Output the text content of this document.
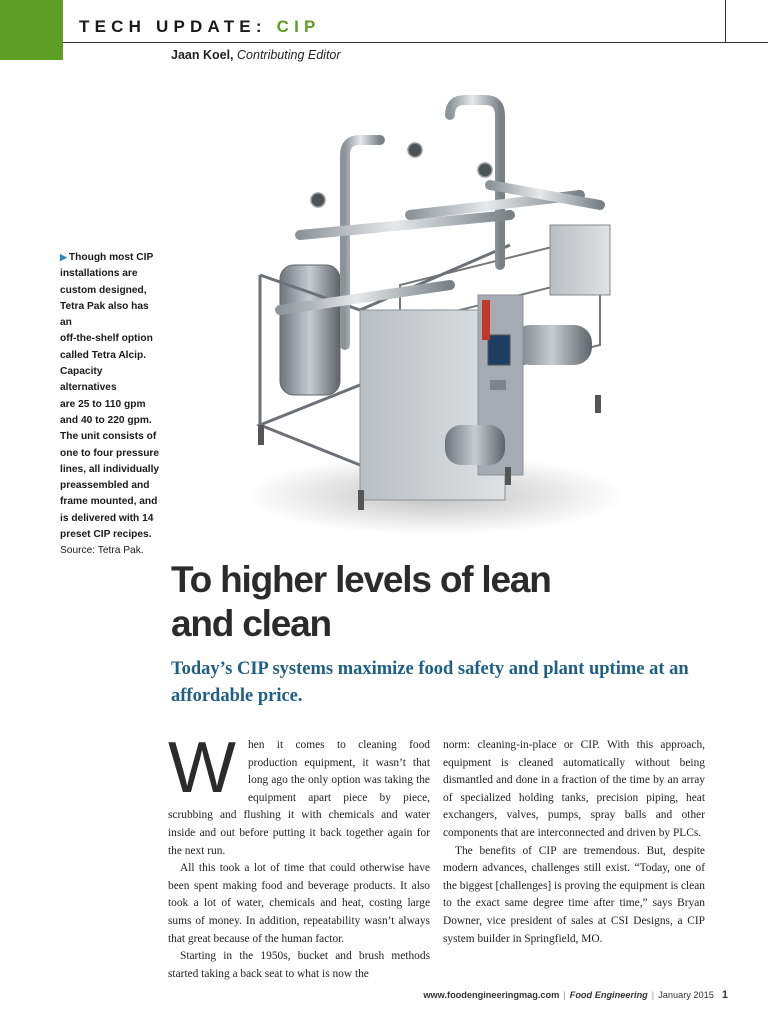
TECH UPDATE: CIP
Jaan Koel, Contributing Editor
▶ Though most CIP
installations are
custom designed,
Tetra Pak also has an
off-the-shelf option
called Tetra Alcip.
Capacity alternatives
are 25 to 110 gpm
and 40 to 220 gpm.
The unit consists of
one to four pressure
lines, all individually
preassembled and
frame mounted, and
is delivered with 14
preset CIP recipes.
Source: Tetra Pak.
To higher levels of lean
and clean
Today’s CIP systems maximize food safety and plant uptime at an affordable price.

W	hen it comes to cleaning food production equipment, it wasn’t that long ago the only option was taking the equipment apart piece by piece, scrubbing and flushing it with chemicals and water inside and out before putting it back together again for the next run.

All this took a lot of time that could otherwise have been spent making food and beverage products. It also took a lot of water, chemicals and heat, costing large sums of money. In addition, repeatability wasn’t always that great because of the human factor.

Starting in the 1950s, bucket and brush methods started taking a back seat to what is now the

norm: cleaning-in-place or CIP. With this approach, equipment is cleaned automatically without being dismantled and done in a fraction of the time by an array of specialized holding tanks, precision piping, heat exchangers, valves, pumps, spray balls and other components that are interconnected and driven by PLCs.

The benefits of CIP are tremendous. But, despite modern advances, challenges still exist. “Today, one of the biggest [challenges] is proving the equipment is clean to the exact same degree time after time,” says Bryan Downer, vice president of sales at CSI Designs, a CIP system builder in Springfield, MO.

www.foodengineeringmag.com | Food Engineering | January 2015 1
